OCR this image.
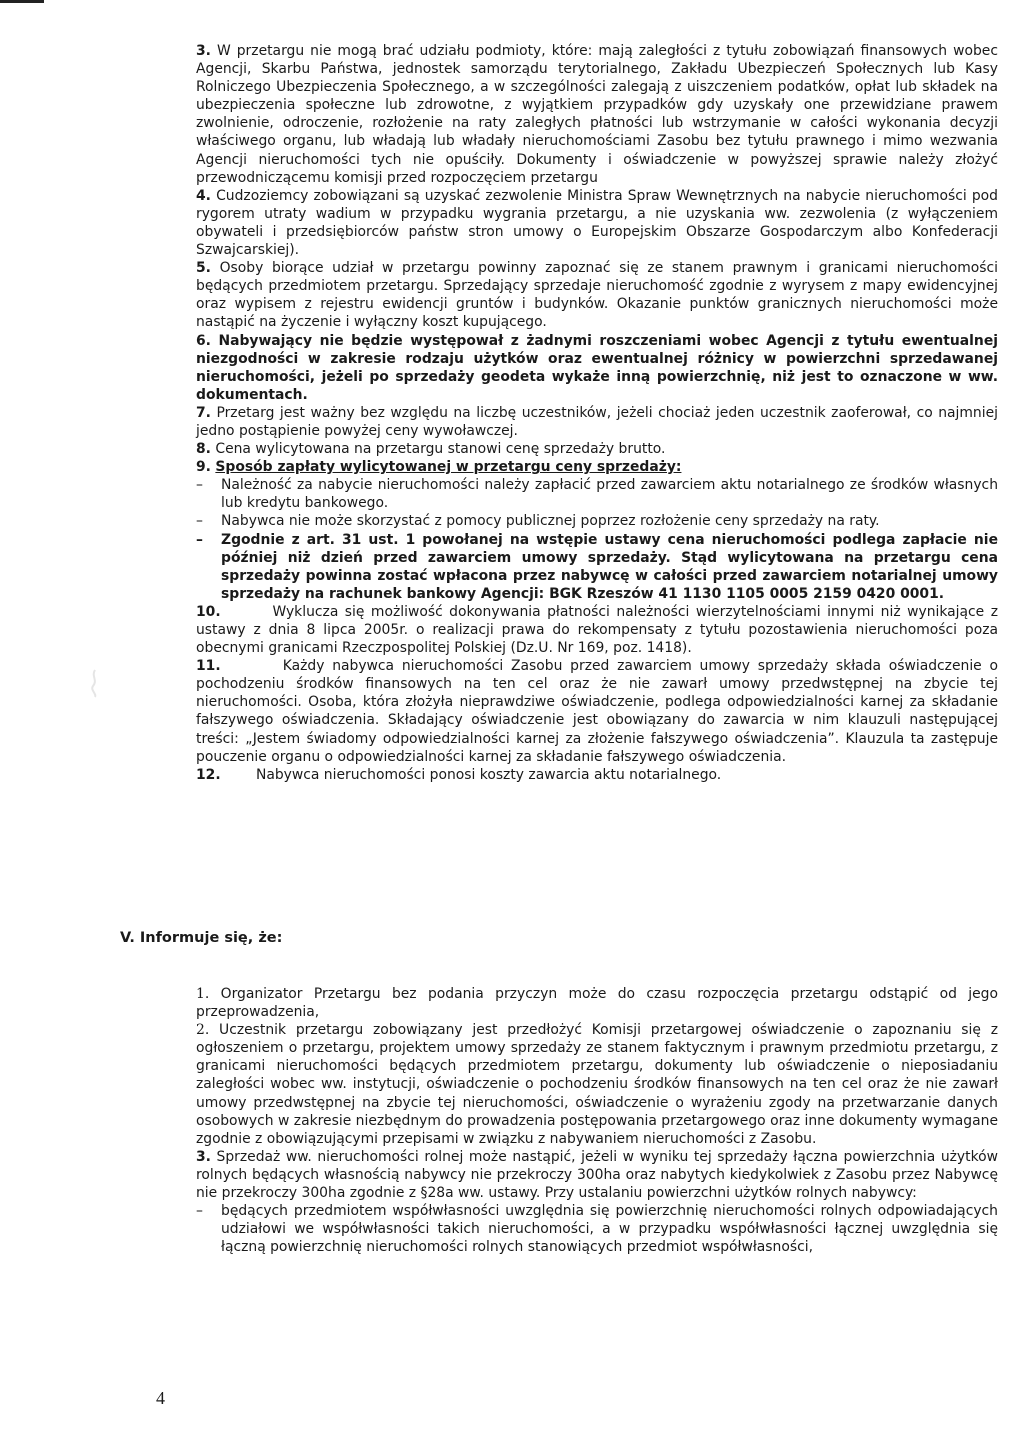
3. W przetargu nie mogą brać udziału podmioty, które: mają zaległości z tytułu zobowiązań finansowych wobec Agencji, Skarbu Państwa, jednostek samorządu terytorialnego, Zakładu Ubezpieczeń Społecznych lub Kasy Rolniczego Ubezpieczenia Społecznego, a w szczególności zalegają z uiszczeniem podatków, opłat lub składek na ubezpieczenia społeczne lub zdrowotne, z wyjątkiem przypadków gdy uzyskały one przewidziane prawem zwolnienie, odroczenie, rozłożenie na raty zaległych płatności lub wstrzymanie w całości wykonania decyzji właściwego organu, lub władają lub władały nieruchomościami Zasobu bez tytułu prawnego i mimo wezwania Agencji nieruchomości tych nie opuściły. Dokumenty i oświadczenie w powyższej sprawie należy złożyć przewodniczącemu komisji przed rozpoczęciem przetargu

4. Cudzoziemcy zobowiązani są uzyskać zezwolenie Ministra Spraw Wewnętrznych na nabycie nieruchomości pod rygorem utraty wadium w przypadku wygrania przetargu, a nie uzyskania ww. zezwolenia (z wyłączeniem obywateli i przedsiębiorców państw stron umowy o Europejskim Obszarze Gospodarczym albo Konfederacji Szwajcarskiej).

5. Osoby biorące udział w przetargu powinny zapoznać się ze stanem prawnym i granicami nieruchomości będących przedmiotem przetargu. Sprzedający sprzedaje nieruchomość zgodnie z wyrysem z mapy ewidencyjnej oraz wypisem z rejestru ewidencji gruntów i budynków. Okazanie punktów granicznych nieruchomości może nastąpić na życzenie i wyłączny koszt kupującego.

6. Nabywający nie będzie występował z żadnymi roszczeniami wobec Agencji z tytułu ewentualnej niezgodności w zakresie rodzaju użytków oraz ewentualnej różnicy w powierzchni sprzedawanej nieruchomości, jeżeli po sprzedaży geodeta wykaże inną powierzchnię, niż jest to oznaczone w ww. dokumentach.

7. Przetarg jest ważny bez względu na liczbę uczestników, jeżeli chociaż jeden uczestnik zaoferował, co najmniej jedno postąpienie powyżej ceny wywoławczej.

8. Cena wylicytowana na przetargu stanowi cenę sprzedaży brutto.

9. Sposób zapłaty wylicytowanej w przetargu ceny sprzedaży:

–	Należność za nabycie nieruchomości należy zapłacić przed zawarciem aktu notarialnego ze środków własnych lub kredytu bankowego.
–	Nabywca nie może skorzystać z pomocy publicznej poprzez rozłożenie ceny sprzedaży na raty.
–	Zgodnie z art. 31 ust. 1 powołanej na wstępie ustawy cena nieruchomości podlega zapłacie nie później niż dzień przed zawarciem umowy sprzedaży. Stąd wylicytowana na przetargu cena sprzedaży powinna zostać wpłacona przez nabywcę w całości przed zawarciem notarialnej umowy sprzedaży na rachunek bankowy Agencji: BGK Rzeszów 41 1130 1105 0005 2159 0420 0001.

10.	Wyklucza się możliwość dokonywania płatności należności wierzytelnościami innymi niż wynikające z ustawy z dnia 8 lipca 2005r. o realizacji prawa do rekompensaty z tytułu pozostawienia nieruchomości poza obecnymi granicami Rzeczpospolitej Polskiej (Dz.U. Nr 169, poz. 1418).

11.	Każdy nabywca nieruchomości Zasobu przed zawarciem umowy sprzedaży składa oświadczenie o pochodzeniu środków finansowych na ten cel oraz że nie zawarł umowy przedwstępnej na zbycie tej nieruchomości. Osoba, która złożyła nieprawdziwe oświadczenie, podlega odpowiedzialności karnej za składanie fałszywego oświadczenia. Składający oświadczenie jest obowiązany do zawarcia w nim klauzuli następującej treści: „Jestem świadomy odpowiedzialności karnej za złożenie fałszywego oświadczenia”. Klauzula ta zastępuje pouczenie organu o odpowiedzialności karnej za składanie fałszywego oświadczenia.

12.	Nabywca nieruchomości ponosi koszty zawarcia aktu notarialnego.

V. Informuje się, że:

1. Organizator Przetargu bez podania przyczyn może do czasu rozpoczęcia przetargu odstąpić od jego przeprowadzenia,

2. Uczestnik przetargu zobowiązany jest przedłożyć Komisji przetargowej oświadczenie o zapoznaniu się z ogłoszeniem o przetargu, projektem umowy sprzedaży ze stanem faktycznym i prawnym przedmiotu przetargu, z granicami nieruchomości będących przedmiotem przetargu, dokumenty lub oświadczenie o nieposiadaniu zaległości wobec ww. instytucji, oświadczenie o pochodzeniu środków finansowych na ten cel oraz że nie zawarł umowy przedwstępnej na zbycie tej nieruchomości, oświadczenie o wyrażeniu zgody na przetwarzanie danych osobowych w zakresie niezbędnym do prowadzenia postępowania przetargowego oraz inne dokumenty wymagane zgodnie z obowiązującymi przepisami w związku z nabywaniem nieruchomości z Zasobu.

3. Sprzedaż ww. nieruchomości rolnej może nastąpić, jeżeli w wyniku tej sprzedaży łączna powierzchnia użytków rolnych będących własnością nabywcy nie przekroczy 300ha oraz nabytych kiedykolwiek z Zasobu przez Nabywcę nie przekroczy 300ha zgodnie z §28a ww. ustawy. Przy ustalaniu powierzchni użytków rolnych nabywcy:

–	będących przedmiotem współwłasności uwzględnia się powierzchnię nieruchomości rolnych odpowiadających udziałowi we współwłasności takich nieruchomości, a w przypadku współwłasności łącznej uwzględnia się łączną powierzchnię nieruchomości rolnych stanowiących przedmiot współwłasności,
4
